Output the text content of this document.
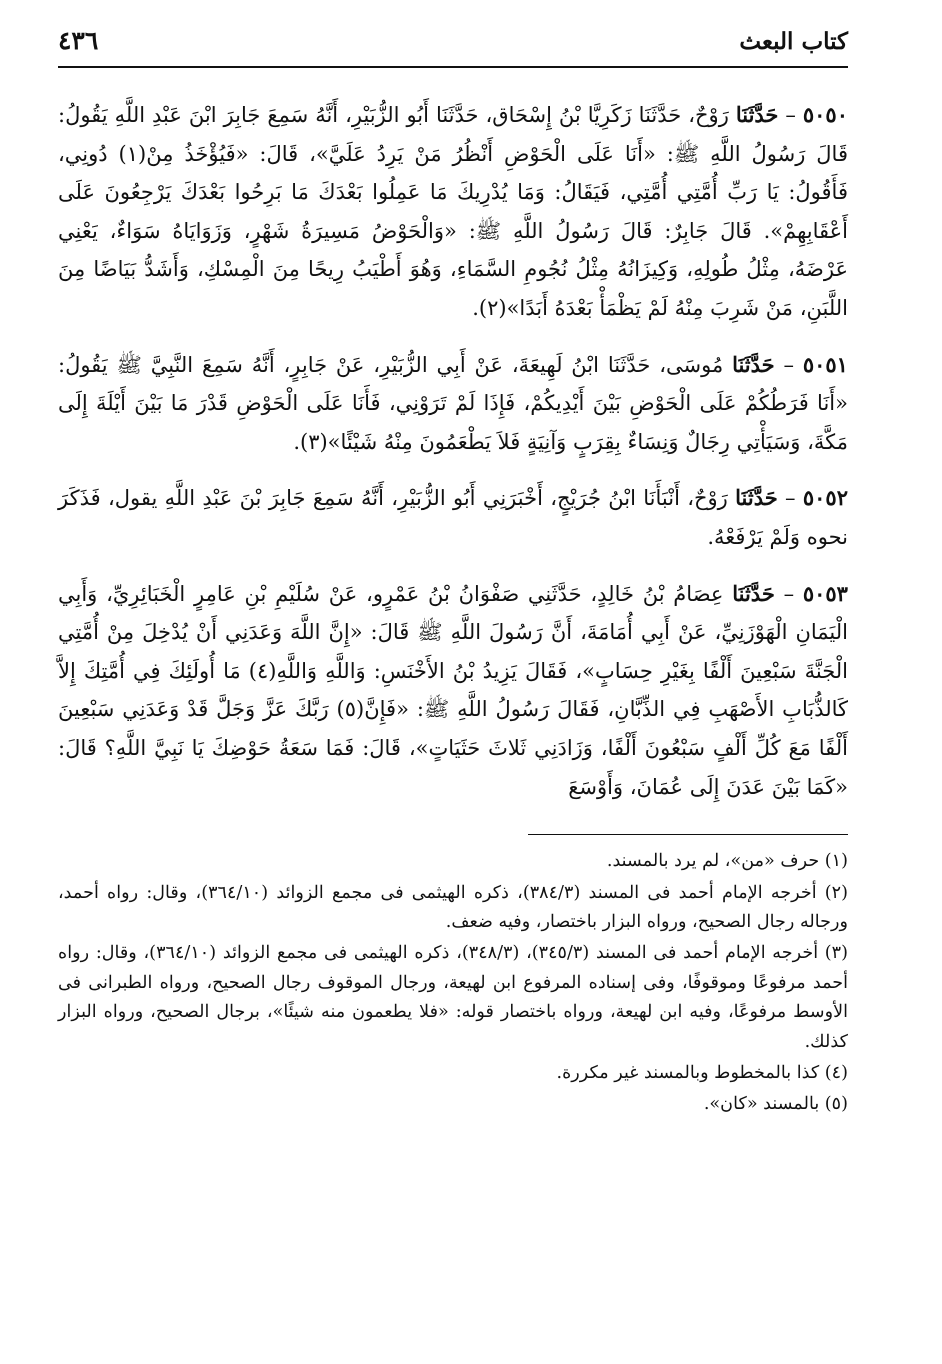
كتاب البعث
٤٣٦

٥٠٥٠ – حَدَّثَنَا رَوْحٌ، حَدَّثَنَا زَكَرِيَّا بْنُ إِسْحَاق، حَدَّثَنَا أَبُو الزُّبَيْرِ، أَنَّهُ سَمِعَ جَابِرَ ابْنَ عَبْدِ اللَّهِ يَقُولُ: قَالَ رَسُولُ اللَّهِ ﷺ: «أَنَا عَلَى الْحَوْضِ أَنْظُرُ مَنْ يَرِدُ عَلَيَّ»، قَالَ: «فَيُؤْخَذُ مِنْ(١) دُونِي، فَأَقُولُ: يَا رَبِّ أُمَّتِي أُمَّتِي، فَيَقَالُ: وَمَا يُدْرِيكَ مَا عَمِلُوا بَعْدَكَ مَا بَرِحُوا بَعْدَكَ يَرْجِعُونَ عَلَى أَعْقَابِهِمْ». قَالَ جَابِرٌ: قَالَ رَسُولُ اللَّهِ ﷺ: «وَالْحَوْضُ مَسِيرَةُ شَهْرٍ، وَزَوَايَاهُ سَوَاءٌ، يَعْنِي عَرْضَهُ، مِثْلُ طُولِهِ، وَكِيزَانُهُ مِثْلُ نُجُومِ السَّمَاءِ، وَهُوَ أَطْيَبُ رِيحًا مِنَ الْمِسْكِ، وَأَشَدُّ بَيَاضًا مِنَ اللَّبَنِ، مَنْ شَرِبَ مِنْهُ لَمْ يَظْمَأْ بَعْدَهُ أَبَدًا»(٢).

٥٠٥١ – حَدَّثَنَا مُوسَى، حَدَّثَنَا ابْنُ لَهِيعَةَ، عَنْ أَبِي الزُّبَيْرِ، عَنْ جَابِرٍ، أَنَّهُ سَمِعَ النَّبِيَّ ﷺ يَقُولُ: «أَنَا فَرَطُكُمْ عَلَى الْحَوْضِ بَيْنَ أَيْدِيكُمْ، فَإِذَا لَمْ تَرَوْنِي، فَأَنَا عَلَى الْحَوْضِ قَدْرَ مَا بَيْنَ أَيْلَةَ إِلَى مَكَّةَ، وَسَيَأْتِي رِجَالٌ وَنِسَاءٌ بِقِرَبٍ وَآنِيَةٍ فَلاَ يَطْعَمُونَ مِنْهُ شَيْئًا»(٣).

٥٠٥٢ – حَدَّثَنَا رَوْحٌ، أَنْبَأَنَا ابْنُ جُرَيْجٍ، أَخْبَرَنِي أَبُو الزُّبَيْرِ، أَنَّهُ سَمِعَ جَابِرَ بْنَ عَبْدِ اللَّهِ يقول، فَذَكَرَ نحوه وَلَمْ يَرْفَعْهُ.

٥٠٥٣ – حَدَّثَنَا عِصَامُ بْنُ خَالِدٍ، حَدَّثَنِي صَفْوَانُ بْنُ عَمْرٍو، عَنْ سُلَيْمِ بْنِ عَامِرٍ الْخَبَائِرِيِّ، وَأَبِي الْيَمَانِ الْهَوْزَنِيِّ، عَنْ أَبِي أُمَامَةَ، أَنَّ رَسُولَ اللَّهِ ﷺ قَالَ: «إِنَّ اللَّهَ وَعَدَنِي أَنْ يُدْخِلَ مِنْ أُمَّتِي الْجَنَّةَ سَبْعِينَ أَلْفًا بِغَيْرِ حِسَابٍ»، فَقَالَ يَزِيدُ بْنُ الأَخْنَسِ: وَاللَّهِ وَاللَّهِ(٤) مَا أُولَئِكَ فِي أُمَّتِكَ إِلاَّ كَالذُّبَابِ الأَصْهَبِ فِي الذِّبَّانِ، فَقَالَ رَسُولُ اللَّهِ ﷺ: «فَإِنَّ(٥) رَبَّكَ عَزَّ وَجَلَّ قَدْ وَعَدَنِي سَبْعِينَ أَلْفًا مَعَ كُلِّ أَلْفٍ سَبْعُونَ أَلْفًا، وَزَادَنِي ثَلاثَ حَثَيَاتٍ»، قَالَ: فَمَا سَعَةُ حَوْضِكَ يَا نَبِيَّ اللَّهِ؟ قَالَ: «كَمَا بَيْنَ عَدَنَ إِلَى عُمَانَ، وَأَوْسَعَ

(١) حرف «من»، لم يرد بالمسند.

(٢) أخرجه الإمام أحمد فى المسند (٣٨٤/٣)، ذكره الهيثمى فى مجمع الزوائد (٣٦٤/١٠)، وقال: رواه أحمد، ورجاله رجال الصحيح، ورواه البزار باختصار، وفيه ضعف.

(٣) أخرجه الإمام أحمد فى المسند (٣٤٥/٣)، (٣٤٨/٣)، ذكره الهيثمى فى مجمع الزوائد (٣٦٤/١٠)، وقال: رواه أحمد مرفوعًا وموقوفًا، وفى إسناده المرفوع ابن لهيعة، ورجال الموقوف رجال الصحيح، ورواه الطبرانى فى الأوسط مرفوعًا، وفيه ابن لهيعة، ورواه باختصار قوله: «فلا يطعمون منه شيئًا»، برجال الصحيح، ورواه البزار كذلك.

(٤) كذا بالمخطوط وبالمسند غير مكررة.

(٥) بالمسند «كان».
